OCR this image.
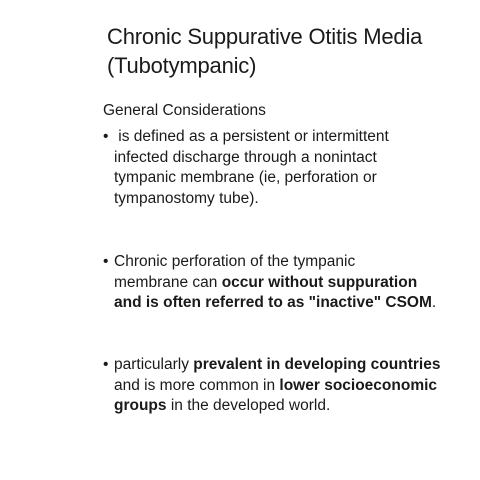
Chronic Suppurative Otitis Media
(Tubotympanic)
General Considerations
• is defined as a persistent or intermittent
infected discharge through a nonintact
tympanic membrane (ie, perforation or
tympanostomy tube).
• Chronic perforation of the tympanic
membrane can occur without suppuration
and is often referred to as "inactive" CSOM.
• particularly prevalent in developing countries
and is more common in lower socioeconomic
groups in the developed world.
